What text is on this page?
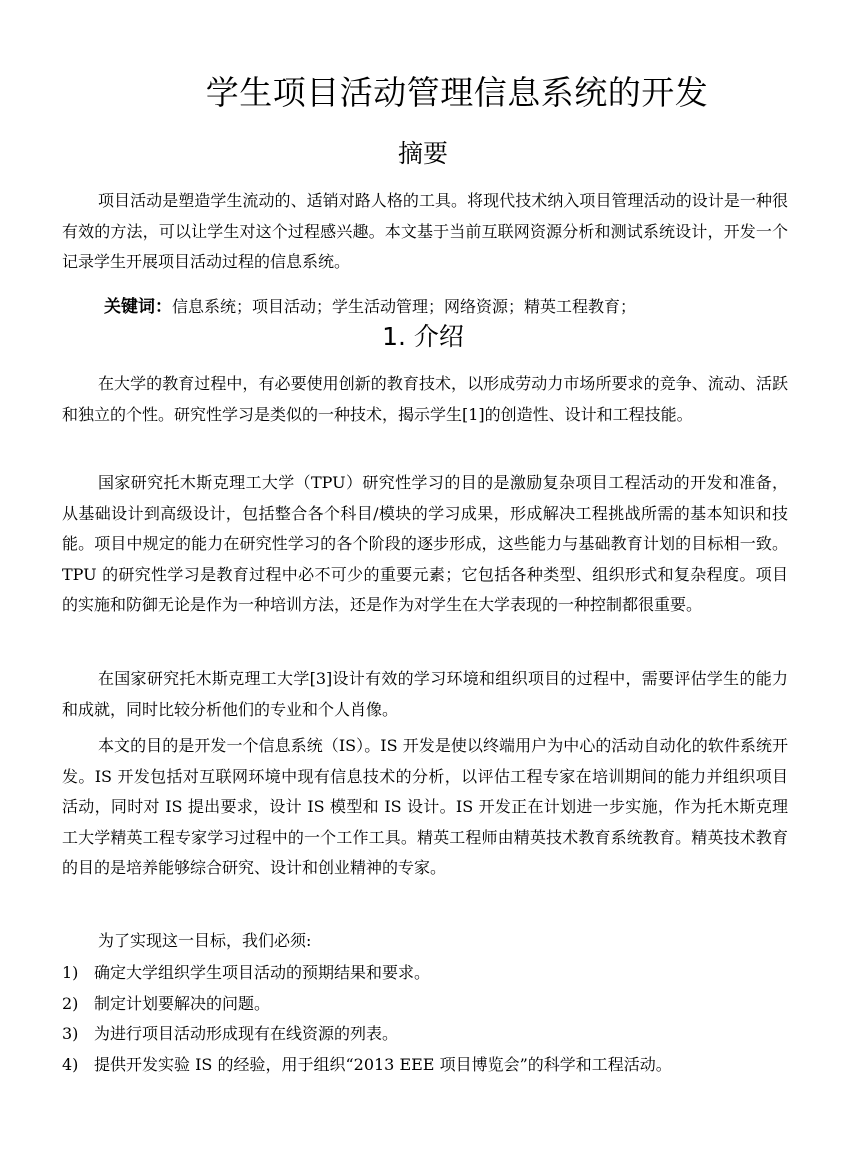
学生项目活动管理信息系统的开发
摘要

项目活动是塑造学生流动的、适销对路人格的工具。将现代技术纳入项目管理活动的设计是一种很有效的方法，可以让学生对这个过程感兴趣。本文基于当前互联网资源分析和测试系统设计，开发一个记录学生开展项目活动过程的信息系统。

关键词：信息系统；项目活动；学生活动管理；网络资源；精英工程教育；
1. 介绍

在大学的教育过程中，有必要使用创新的教育技术，以形成劳动力市场所要求的竞争、流动、活跃和独立的个性。研究性学习是类似的一种技术，揭示学生[1]的创造性、设计和工程技能。

国家研究托木斯克理工大学（TPU）研究性学习的目的是激励复杂项目工程活动的开发和准备，从基础设计到高级设计，包括整合各个科目/模块的学习成果，形成解决工程挑战所需的基本知识和技能。项目中规定的能力在研究性学习的各个阶段的逐步形成，这些能力与基础教育计划的目标相一致。TPU 的研究性学习是教育过程中必不可少的重要元素；它包括各种类型、组织形式和复杂程度。项目的实施和防御无论是作为一种培训方法，还是作为对学生在大学表现的一种控制都很重要。

在国家研究托木斯克理工大学[3]设计有效的学习环境和组织项目的过程中，需要评估学生的能力和成就，同时比较分析他们的专业和个人肖像。

本文的目的是开发一个信息系统（IS）。IS 开发是使以终端用户为中心的活动自动化的软件系统开发。IS 开发包括对互联网环境中现有信息技术的分析，以评估工程专家在培训期间的能力并组织项目活动，同时对 IS 提出要求，设计 IS 模型和 IS 设计。IS 开发正在计划进一步实施，作为托木斯克理工大学精英工程专家学习过程中的一个工作工具。精英工程师由精英技术教育系统教育。精英技术教育的目的是培养能够综合研究、设计和创业精神的专家。

为了实现这一目标，我们必须:

1) 确定大学组织学生项目活动的预期结果和要求。
2) 制定计划要解决的问题。
3) 为进行项目活动形成现有在线资源的列表。
4) 提供开发实验 IS 的经验，用于组织“2013 EEE 项目博览会”的科学和工程活动。
